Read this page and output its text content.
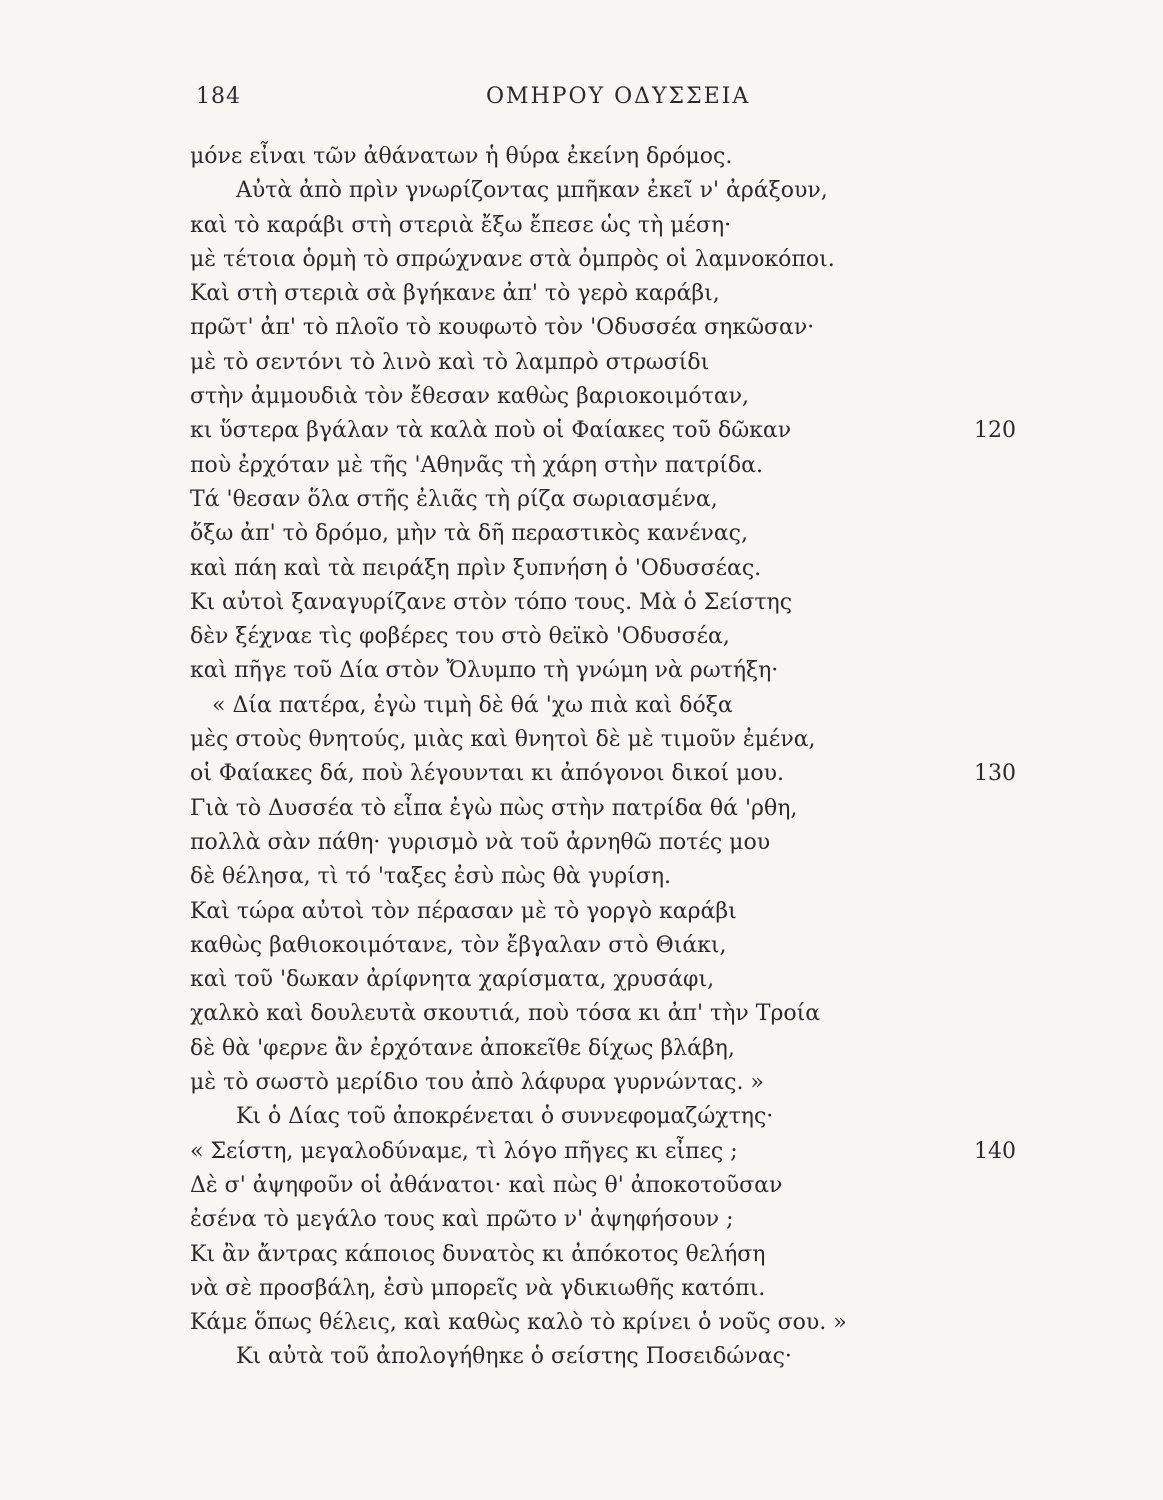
184	ΟΜΗΡΟΥ ΟΔΥΣΣΕΙΑ
μόνε εἶναι τῶν ἀθάνατων ἡ θύρα ἐκείνη δρόμος.
Αὐτὰ ἀπὸ πρὶν γνωρίζοντας μπῆκαν ἐκεῖ ν' ἀράξουν,
καὶ τὸ καράβι στὴ στεριὰ ἔξω ἔπεσε ὡς τὴ μέση·
μὲ τέτοια ὁρμὴ τὸ σπρώχνανε στὰ ὀμπρὸς οἱ λαμνοκόποι.
Καὶ στὴ στεριὰ σὰ βγήκανε ἀπ' τὸ γερὸ καράβι,
πρῶτ' ἀπ' τὸ πλοῖο τὸ κουφωτὸ τὸν 'Οδυσσέα σηκῶσαν·
μὲ τὸ σεντόνι τὸ λινὸ καὶ τὸ λαμπρὸ στρωσίδι
στὴν ἀμμουδιὰ τὸν ἔθεσαν καθὼς βαριοκοιμόταν,
κι ὕστερα βγάλαν τὰ καλὰ ποὺ οἱ Φαίακες τοῦ δῶκαν	120
ποὺ ἐρχόταν μὲ τῆς 'Αθηνᾶς τὴ χάρη στὴν πατρίδα.
Τά 'θεσαν ὅλα στῆς ἐλιᾶς τὴ ρίζα σωριασμένα,
ὄξω ἀπ' τὸ δρόμο, μὴν τὰ δῆ περαστικὸς κανένας,
καὶ πάη καὶ τὰ πειράξη πρὶν ξυπνήση ὁ 'Οδυσσέας.
Κι αὐτοὶ ξαναγυρίζανε στὸν τόπο τους. Μὰ ὁ Σείστης
δὲν ξέχναε τὶς φοβέρες του στὸ θεϊκὸ 'Οδυσσέα,
καὶ πῆγε τοῦ Δία στὸν Ὄλυμπο τὴ γνώμη νὰ ρωτήξη·
« Δία πατέρα, ἐγὼ τιμὴ δὲ θά 'χω πιὰ καὶ δόξα
μὲς στοὺς θνητούς, μιὰς καὶ θνητοὶ δὲ μὲ τιμοῦν ἐμένα,
οἱ Φαίακες δά, ποὺ λέγουνται κι ἀπόγονοι δικοί μου.	130
Γιὰ τὸ Δυσσέα τὸ εἶπα ἐγὼ πὼς στὴν πατρίδα θά 'ρθη,
πολλὰ σὰν πάθη· γυρισμὸ νὰ τοῦ ἀρνηθῶ ποτές μου
δὲ θέλησα, τὶ τό 'ταξες ἐσὺ πὼς θὰ γυρίση.
Καὶ τώρα αὐτοὶ τὸν πέρασαν μὲ τὸ γοργὸ καράβι
καθὼς βαθιοκοιμότανε, τὸν ἔβγαλαν στὸ Θιάκι,
καὶ τοῦ 'δωκαν ἀρίφνητα χαρίσματα, χρυσάφι,
χαλκὸ καὶ δουλευτὰ σκουτιά, ποὺ τόσα κι ἀπ' τὴν Τροία
δὲ θὰ 'φερνε ἂν ἐρχότανε ἀποκεῖθε δίχως βλάβη,
μὲ τὸ σωστὸ μερίδιο του ἀπὸ λάφυρα γυρνώντας. »
Κι ὁ Δίας τοῦ ἀποκρένεται ὁ συννεφομαζώχτης·
« Σείστη, μεγαλοδύναμε, τὶ λόγο πῆγες κι εἶπες ;	140
Δὲ σ' ἀψηφοῦν οἱ ἀθάνατοι· καὶ πὼς θ' ἀποκοτοῦσαν
ἐσένα τὸ μεγάλο τους καὶ πρῶτο ν' ἀψηφήσουν ;
Κι ἂν ἄντρας κάποιος δυνατὸς κι ἀπόκοτος θελήση
νὰ σὲ προσβάλη, ἐσὺ μπορεῖς νὰ γδικιωθῆς κατόπι.
Κάμε ὅπως θέλεις, καὶ καθὼς καλὸ τὸ κρίνει ὁ νοῦς σου. »
Κι αὐτὰ τοῦ ἀπολογήθηκε ὁ σείστης Ποσειδώνας·
